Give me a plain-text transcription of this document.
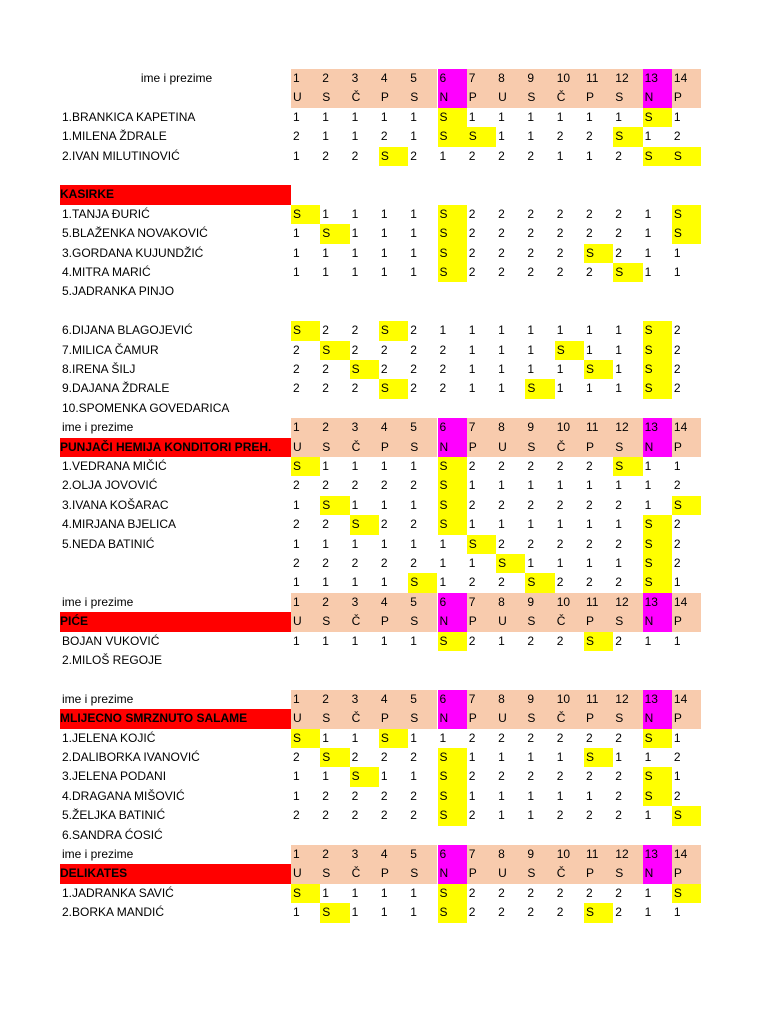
ime i prezime	1	2	3	4	5	6	7	8	9	10	11	12	13	14
U	S	Č	P	S	N	P	U	S	Č	P	S	N	P
1.BRANKICA KAPETINA	1	1	1	1	1	S	1	1	1	1	1	1	S	1
1.MILENA ŽDRALE	2	1	1	2	1	S	S	1	1	2	2	S	1	2
2.IVAN MILUTINOVIĆ	1	2	2	S	2	1	2	2	2	1	1	2	S	S
KASIRKE
1.TANJA ĐURIĆ	S	1	1	1	1	S	2	2	2	2	2	2	1	S
5.BLAŽENKA NOVAKOVIĆ	1	S	1	1	1	S	2	2	2	2	2	2	1	S
3.GORDANA KUJUNDŽIĆ	1	1	1	1	1	S	2	2	2	2	S	2	1	1
4.MITRA MARIĆ	1	1	1	1	1	S	2	2	2	2	2	S	1	1
5.JADRANKA PINJO
6.DIJANA BLAGOJEVIĆ	S	2	2	S	2	1	1	1	1	1	1	1	S	2
7.MILICA ČAMUR	2	S	2	2	2	2	1	1	1	S	1	1	S	2
8.IRENA ŠILJ	2	2	S	2	2	2	1	1	1	1	S	1	S	2
9.DAJANA ŽDRALE	2	2	2	S	2	2	1	1	S	1	1	1	S	2
10.SPOMENKA GOVEDARICA
ime i prezime	1	2	3	4	5	6	7	8	9	10	11	12	13	14
PUNJAČI HEMIJA KONDITORI PREH.	U	S	Č	P	S	N	P	U	S	Č	P	S	N	P
1.VEDRANA MIČIĆ	S	1	1	1	1	S	2	2	2	2	2	S	1	1
2.OLJA JOVOVIĆ	2	2	2	2	2	S	1	1	1	1	1	1	1	2
3.IVANA KOŠARAC	1	S	1	1	1	S	2	2	2	2	2	2	1	S
4.MIRJANA BJELICA	2	2	S	2	2	S	1	1	1	1	1	1	S	2
5.NEDA BATINIĆ	1	1	1	1	1	1	S	2	2	2	2	2	S	2
2	2	2	2	2	1	1	S	1	1	1	1	S	2
1	1	1	1	S	1	2	2	S	2	2	2	S	1
ime i prezime	1	2	3	4	5	6	7	8	9	10	11	12	13	14
PIĆE	U	S	Č	P	S	N	P	U	S	Č	P	S	N	P
BOJAN VUKOVIĆ	1	1	1	1	1	S	2	1	2	2	S	2	1	1
2.MILOŠ REGOJE
ime i prezime	1	2	3	4	5	6	7	8	9	10	11	12	13	14
MLIJECNO SMRZNUTO SALAME	U	S	Č	P	S	N	P	U	S	Č	P	S	N	P
1.JELENA KOJIĆ	S	1	1	S	1	1	2	2	2	2	2	2	S	1
2.DALIBORKA IVANOVIĆ	2	S	2	2	2	S	1	1	1	1	S	1	1	2
3.JELENA PODANI	1	1	S	1	1	S	2	2	2	2	2	2	S	1
4.DRAGANA MIŠOVIĆ	1	2	2	2	2	S	1	1	1	1	1	2	S	2
5.ŽELJKA BATINIĆ	2	2	2	2	2	S	2	1	1	2	2	2	1	S
6.SANDRA ĆOSIĆ
ime i prezime	1	2	3	4	5	6	7	8	9	10	11	12	13	14
DELIKATES	U	S	Č	P	S	N	P	U	S	Č	P	S	N	P
1.JADRANKA SAVIĆ	S	1	1	1	1	S	2	2	2	2	2	2	1	S
2.BORKA MANDIĆ	1	S	1	1	1	S	2	2	2	2	S	2	1	1
